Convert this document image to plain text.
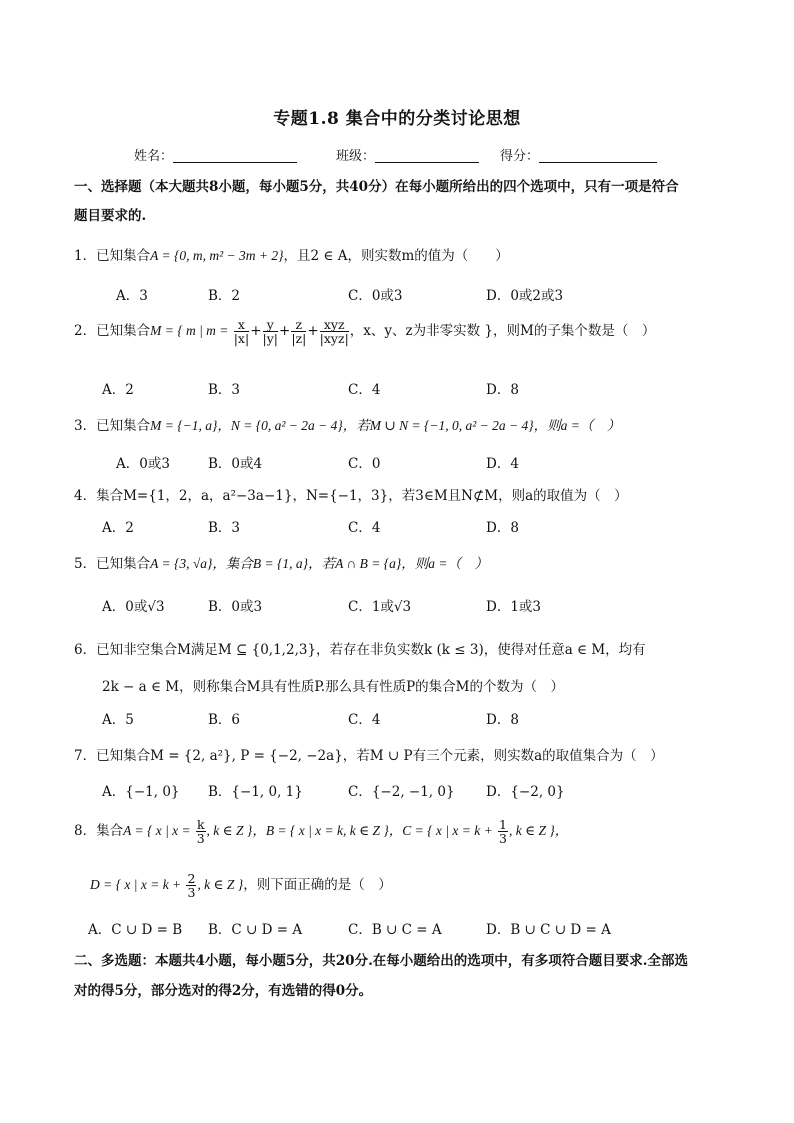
专题1.8 集合中的分类讨论思想
姓名：	班级：	得分：
一、选择题（本大题共8小题，每小题5分，共40分）在每小题所给出的四个选项中，只有一项是符合
题目要求的.
1．已知集合A = {0, m, m² − 3m + 2}，且2 ∈ A，则实数m的值为（　　）
A．3	B．2	C．0或3	D．0或2或3
2．已知集合M = { m | $m = \frac{x}{|x|} + \frac{y}{|y|} + \frac{z}{|z|} + \frac{\text{xyz}}{\text{|xyz|}}$ ，x、y、z为非零实数 }，则M的子集个数是（　）
A．2	B．3	C．4	D．8
3．已知集合M = {−1, a}，N = {0, a² − 2a − 4}，若M ∪ N = {−1, 0, a² − 2a − 4}，则a =（　）
A．0或3	B．0或4	C．0	D．4
4．集合M={1，2，a，a²−3a−1}，N={−1，3}，若3∈M且N⊄M，则a的取值为（　）
A．2	B．3	C．4	D．8
5．已知集合A = {3, √a}，集合B = {1, a}，若A ∩ B = {a}，则a =（　）
A．0或√3	B．0或3	C．1或√3	D．1或3
6．已知非空集合M满足M ⊆ {0,1,2,3}，若存在非负实数k (k ≤ 3)，使得对任意a ∈ M，均有
2k − a ∈ M，则称集合M具有性质P.那么具有性质P的集合M的个数为（　）
A．5	B．6	C．4	D．8
7．已知集合M = {2, a²}, P = {−2, −2a}，若M ∪ P有三个元素，则实数a的取值集合为（　）
A．{−1, 0} B．{−1, 0, 1}	C．{−2, −1, 0} D．{−2, 0}
8．集合A = { x | $x = \frac{k}{3}$ , k ∈ Z }，B = { x | x = k, k ∈ Z }，C = { x | $x = k + \frac{1}{3}$ , k ∈ Z }，
D = { x | $x = k + \frac{2}{3}$ , k ∈ Z }，则下面正确的是（　）
A．C ∪ D = B B．C ∪ D = A	C．B ∪ C = A	D．B ∪ C ∪ D = A
二、多选题：本题共4小题，每小题5分，共20分.在每小题给出的选项中，有多项符合题目要求.全部选
对的得5分，部分选对的得2分，有选错的得0分。
